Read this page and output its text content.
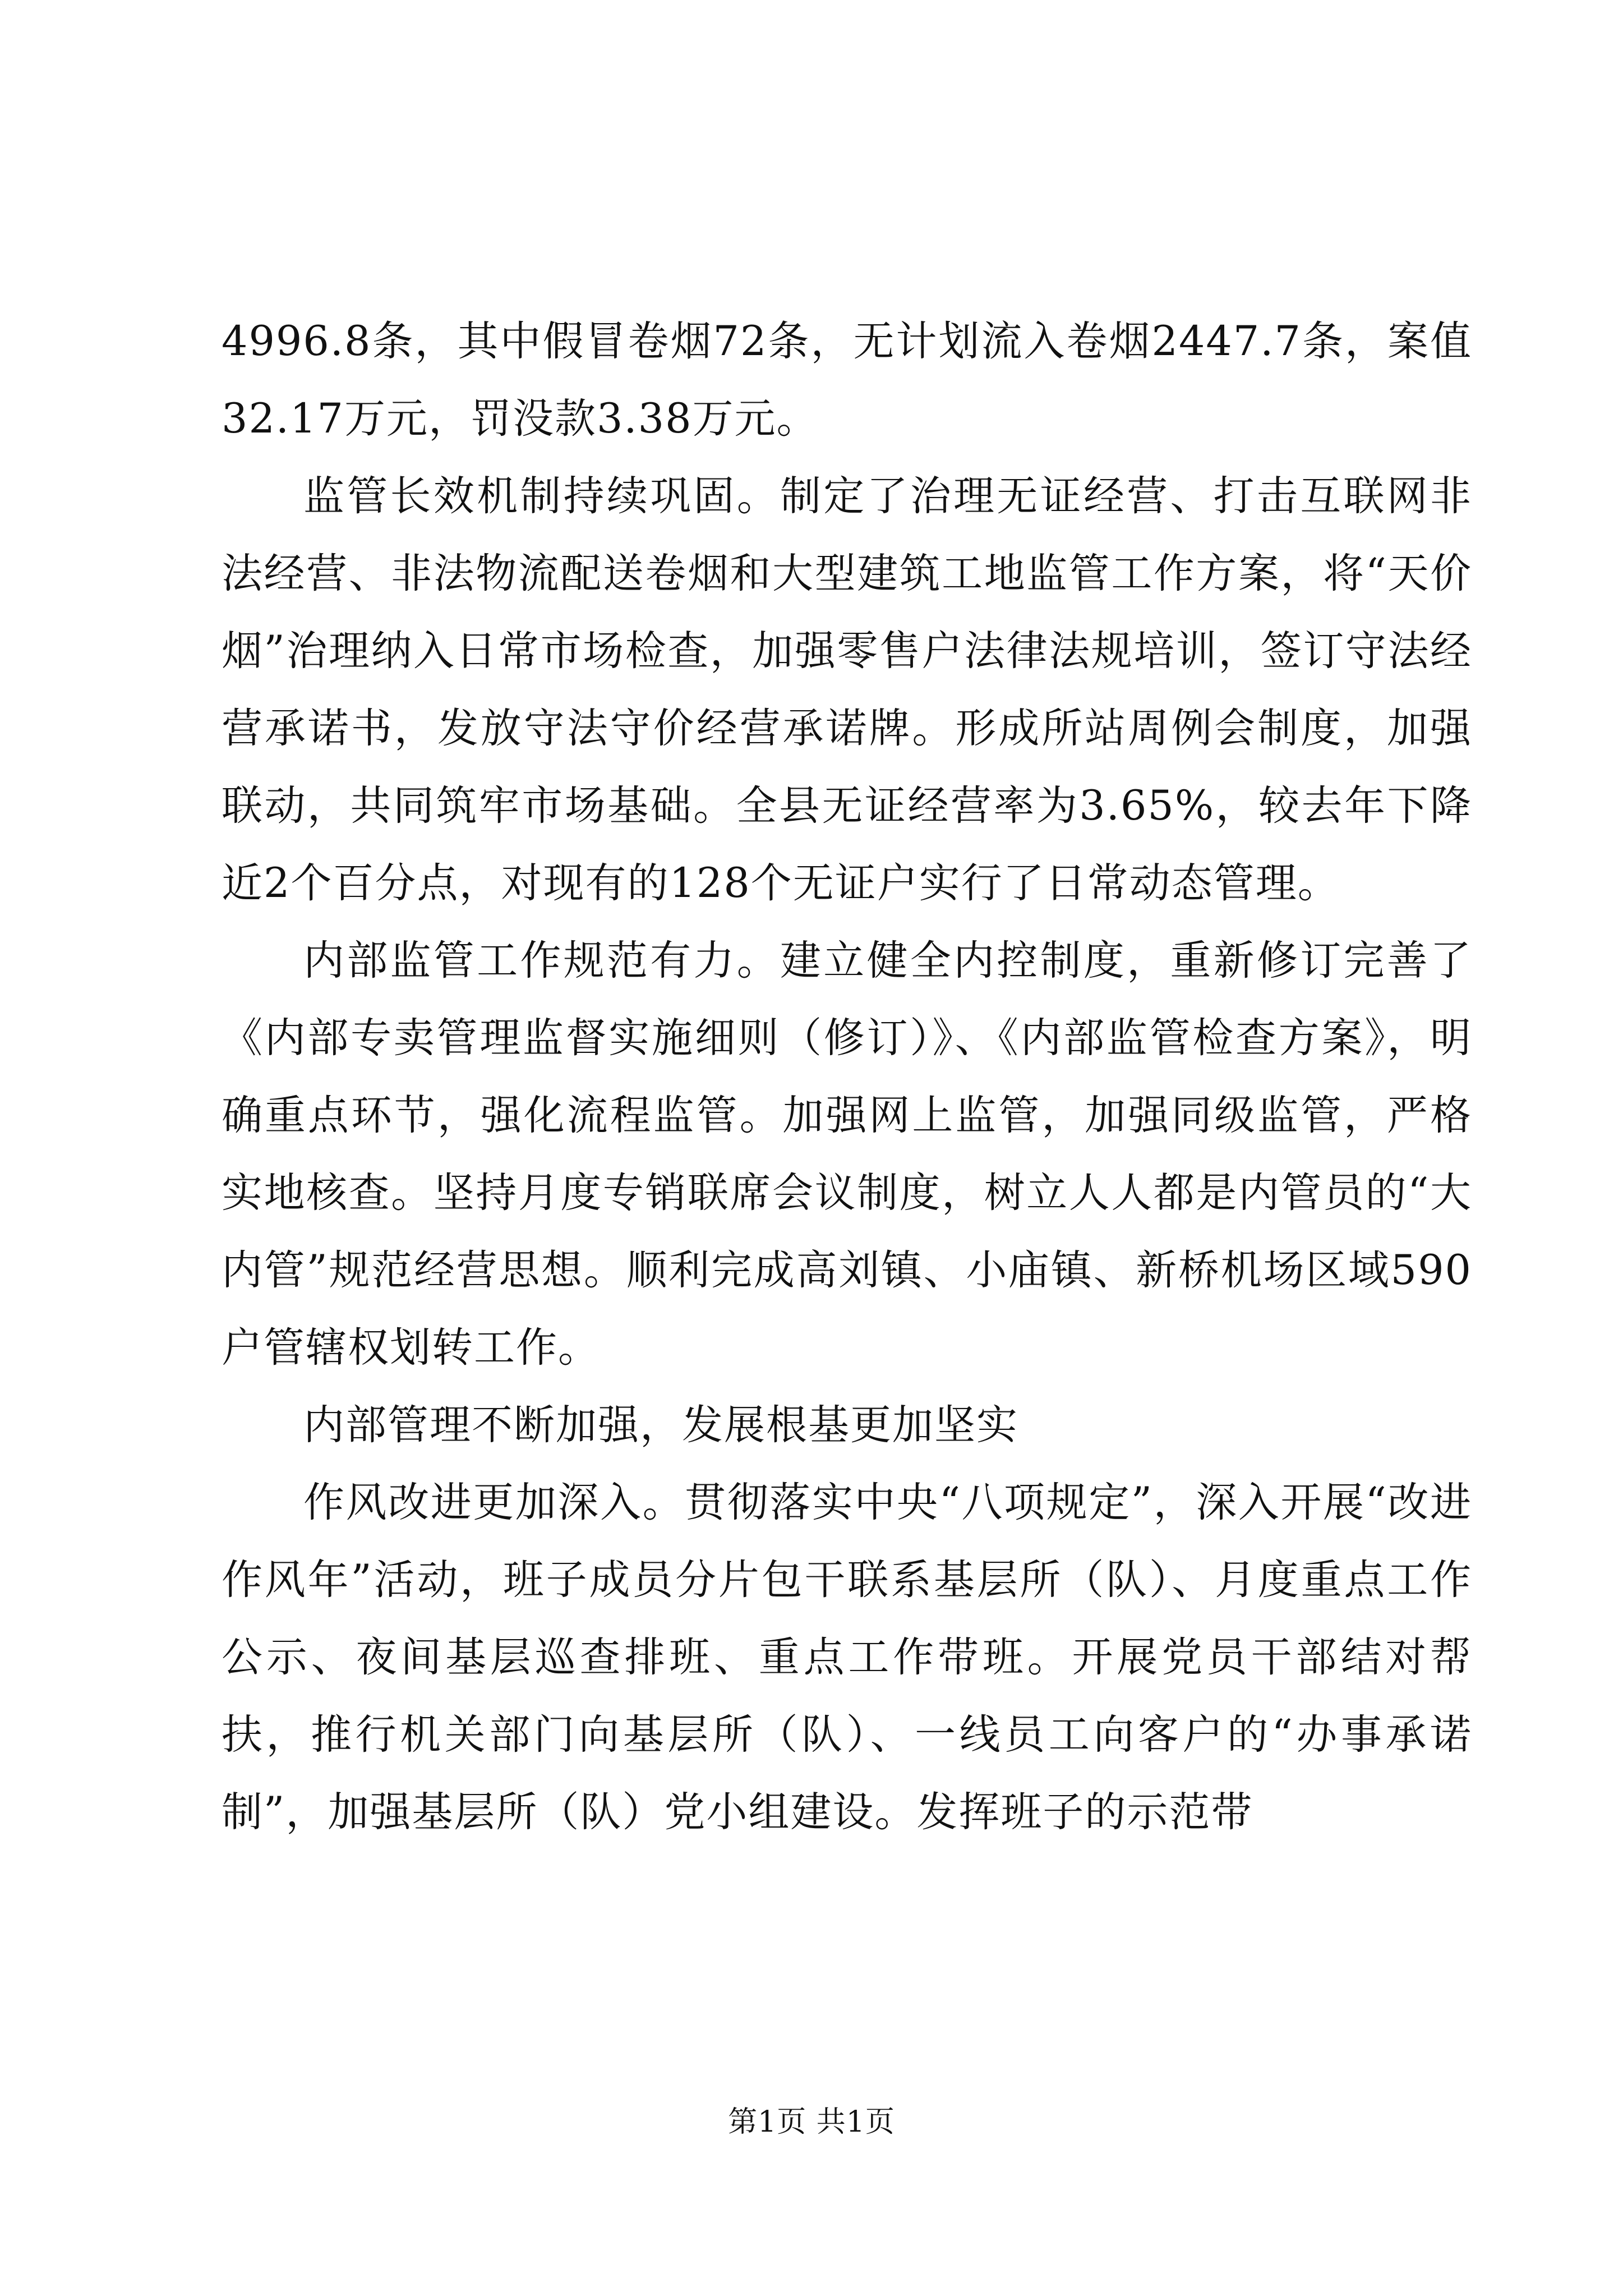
4996.8条，其中假冒卷烟72条，无计划流入卷烟2447.7条，案值32.17万元，罚没款3.38万元。

监管长效机制持续巩固。制定了治理无证经营、打击互联网非法经营、非法物流配送卷烟和大型建筑工地监管工作方案，将“天价烟”治理纳入日常市场检查，加强零售户法律法规培训，签订守法经营承诺书，发放守法守价经营承诺牌。形成所站周例会制度，加强联动，共同筑牢市场基础。全县无证经营率为3.65%，较去年下降近2个百分点，对现有的128个无证户实行了日常动态管理。

内部监管工作规范有力。建立健全内控制度，重新修订完善了《内部专卖管理监督实施细则（修订）》、《内部监管检查方案》，明确重点环节，强化流程监管。加强网上监管，加强同级监管，严格实地核查。坚持月度专销联席会议制度，树立人人都是内管员的“大内管”规范经营思想。顺利完成高刘镇、小庙镇、新桥机场区域590户管辖权划转工作。

内部管理不断加强，发展根基更加坚实

作风改进更加深入。贯彻落实中央“八项规定”，深入开展“改进作风年”活动，班子成员分片包干联系基层所（队）、月度重点工作公示、夜间基层巡查排班、重点工作带班。开展党员干部结对帮扶，推行机关部门向基层所（队）、一线员工向客户的“办事承诺制”，加强基层所（队）党小组建设。发挥班子的示范带

第1页 共1页
